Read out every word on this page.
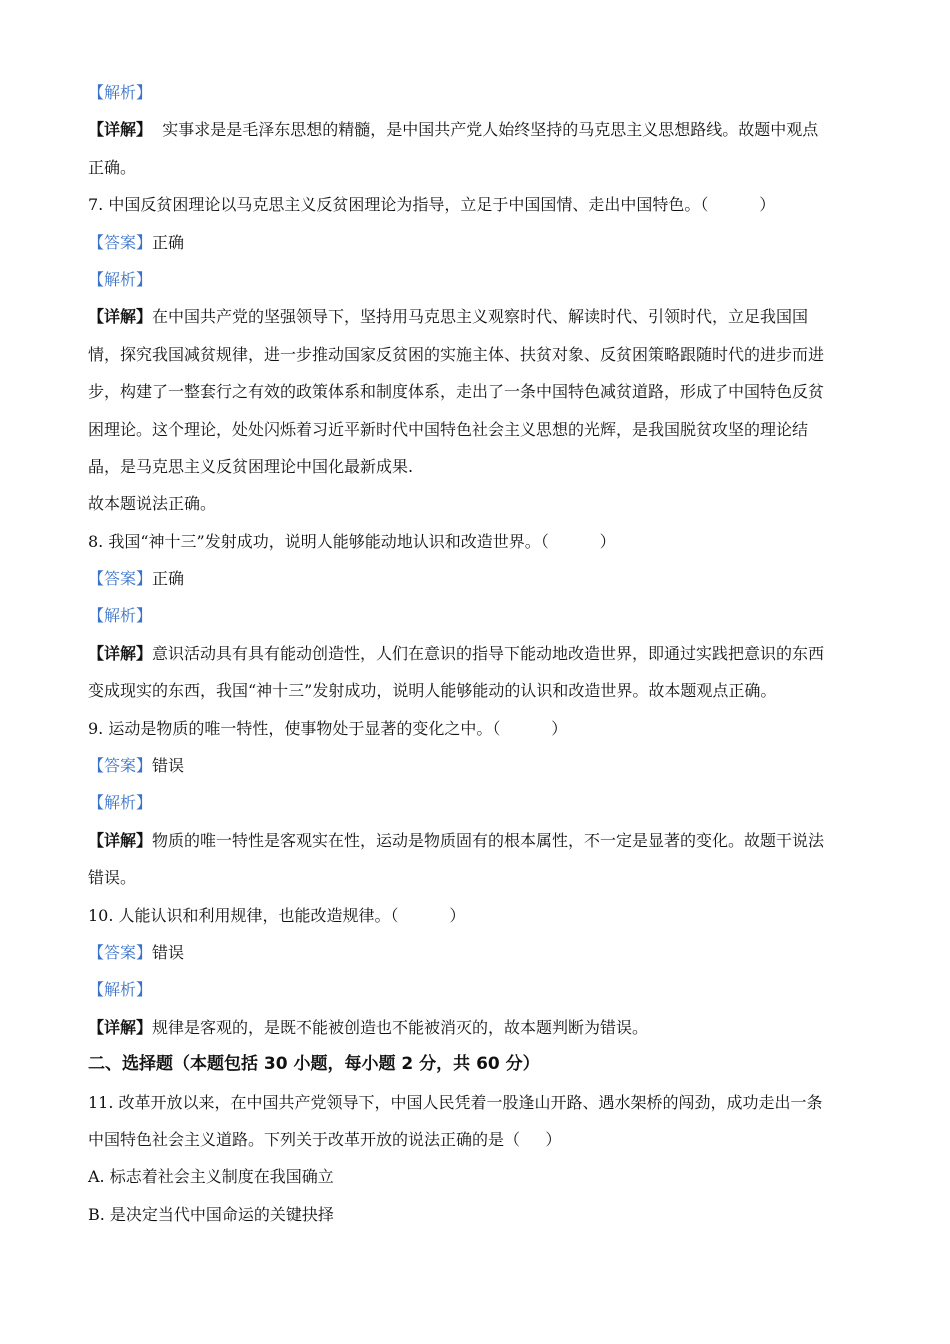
【解析】
【详解】  实事求是是毛泽东思想的精髓，是中国共产党人始终坚持的马克思主义思想路线。故题中观点
正确。
7. 中国反贫困理论以马克思主义反贫困理论为指导，立足于中国国情、走出中国特色。（          ）
【答案】正确
【解析】
【详解】在中国共产党的坚强领导下，坚持用马克思主义观察时代、解读时代、引领时代，立足我国国
情，探究我国减贫规律，进一步推动国家反贫困的实施主体、扶贫对象、反贫困策略跟随时代的进步而进
步，构建了一整套行之有效的政策体系和制度体系，走出了一条中国特色减贫道路，形成了中国特色反贫
困理论。这个理论，处处闪烁着习近平新时代中国特色社会主义思想的光辉，是我国脱贫攻坚的理论结
晶，是马克思主义反贫困理论中国化最新成果.
故本题说法正确。
8. 我国“神十三”发射成功，说明人能够能动地认识和改造世界。（          ）
【答案】正确
【解析】
【详解】意识活动具有具有能动创造性，人们在意识的指导下能动地改造世界，即通过实践把意识的东西
变成现实的东西，我国“神十三”发射成功，说明人能够能动的认识和改造世界。故本题观点正确。
9. 运动是物质的唯一特性，使事物处于显著的变化之中。（          ）
【答案】错误
【解析】
【详解】物质的唯一特性是客观实在性，运动是物质固有的根本属性，不一定是显著的变化。故题干说法
错误。
10. 人能认识和利用规律，也能改造规律。（          ）
【答案】错误
【解析】
【详解】规律是客观的，是既不能被创造也不能被消灭的，故本题判断为错误。
二、选择题（本题包括 30 小题，每小题 2 分，共 60 分）
11. 改革开放以来，在中国共产党领导下，中国人民凭着一股逢山开路、遇水架桥的闯劲，成功走出一条
中国特色社会主义道路。下列关于改革开放的说法正确的是（     ）
A. 标志着社会主义制度在我国确立
B. 是决定当代中国命运的关键抉择
